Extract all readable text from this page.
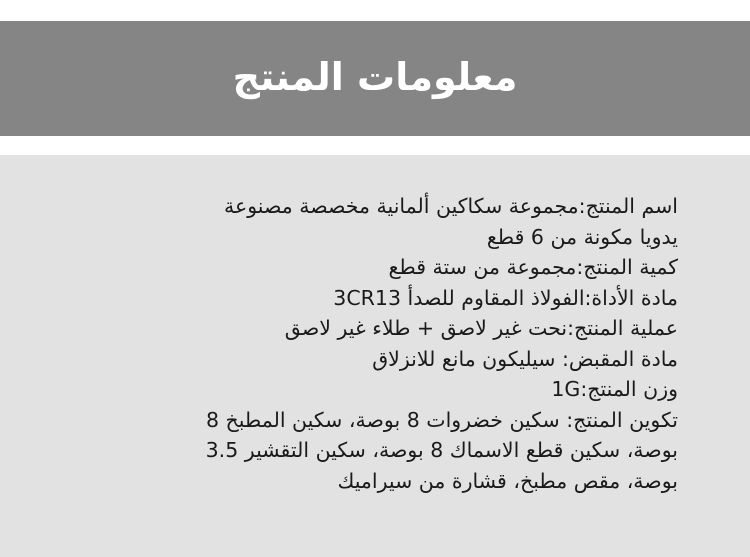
معلومات المنتج
اسم المنتج:مجموعة سكاكين ألمانية مخصصة مصنوعة
يدويا مكونة من 6 قطع
كمية المنتج:مجموعة من ستة قطع
مادة الأداة:الفولاذ المقاوم للصدأ 3CR13
عملية المنتج:نحت غير لاصق + طلاء غير لاصق
مادة المقبض: سيليكون مانع للانزلاق
وزن المنتج:1G
تكوين المنتج: سكين خضروات 8 بوصة، سكين المطبخ 8
بوصة، سكين قطع الاسماك 8 بوصة، سكين التقشير 3.5
بوصة، مقص مطبخ، قشارة من سيراميك
